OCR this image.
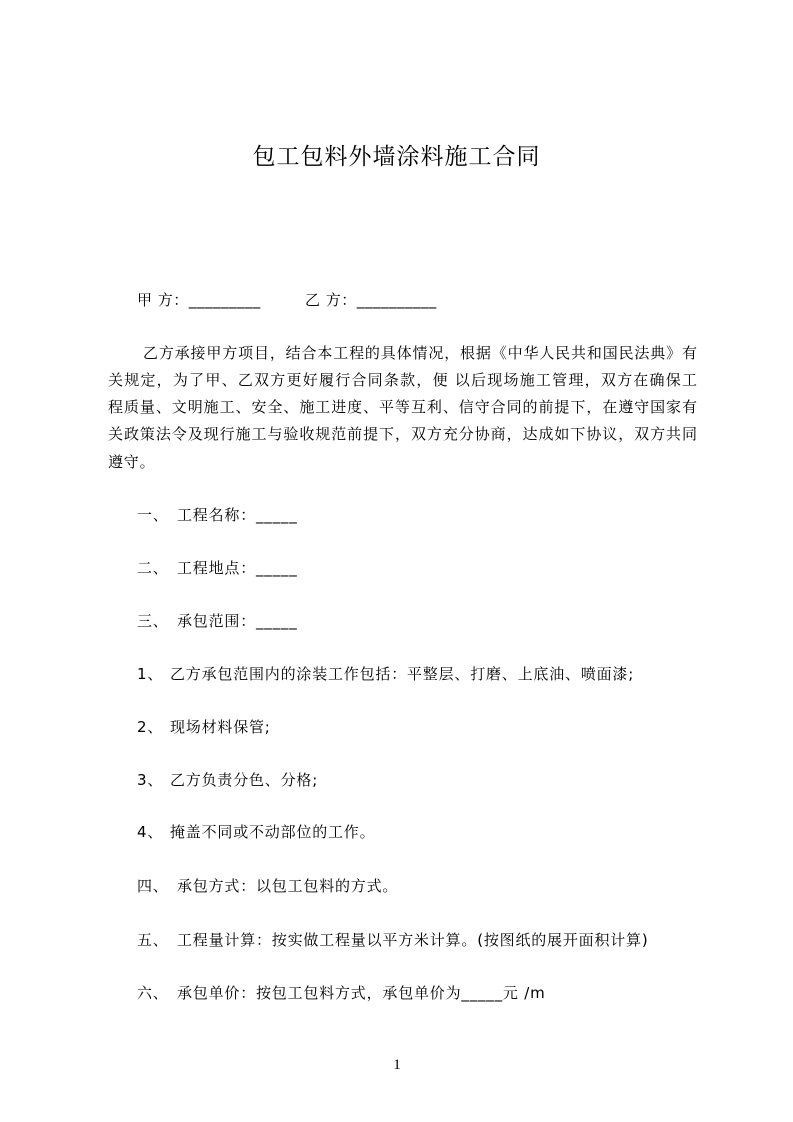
包工包料外墙涂料施工合同
甲 方：_________	乙 方：__________
乙方承接甲方项目，结合本工程的具体情况，根据《中华人民共和国民法典》有
关规定，为了甲、乙双方更好履行合同条款，便 以后现场施工管理，双方在确保工
程质量、文明施工、安全、施工进度、平等互利、信守合同的前提下，在遵守国家有
关政策法令及现行施工与验收规范前提下，双方充分协商，达成如下协议，双方共同
遵守。
一、 工程名称：_____
二、 工程地点：_____
三、 承包范围：_____
1、 乙方承包范围内的涂装工作包括：平整层、打磨、上底油、喷面漆;
2、 现场材料保管;
3、 乙方负责分色、分格;
4、 掩盖不同或不动部位的工作。
四、 承包方式：以包工包料的方式。
五、 工程量计算：按实做工程量以平方米计算。(按图纸的展开面积计算)
六、 承包单价：按包工包料方式，承包单价为_____元 /m
1
